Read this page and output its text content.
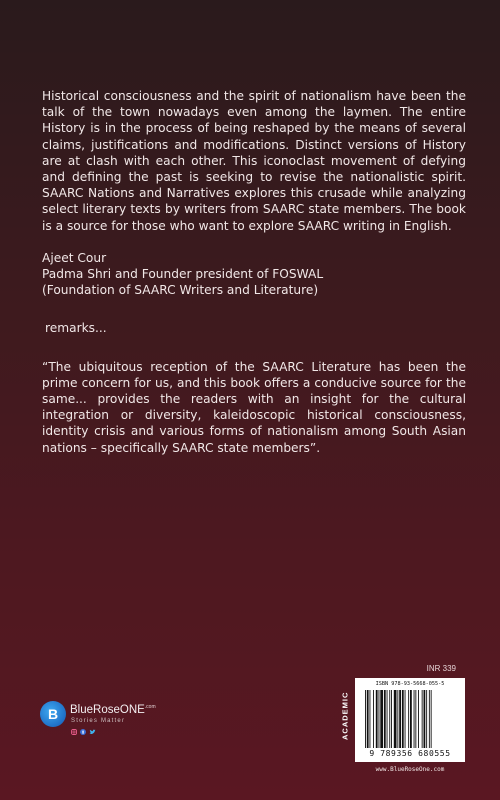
Historical consciousness and the spirit of nationalism have been the talk of the town nowadays even among the laymen. The entire History is in the process of being reshaped by the means of several claims, justifications and modifications. Distinct versions of History are at clash with each other. This iconoclast movement of defying and defining the past is seeking to revise the nationalistic spirit. SAARC Nations and Narratives explores this crusade while analyzing select literary texts by writers from SAARC state members. The book is a source for those who want to explore SAARC writing in English.

Ajeet Cour
Padma Shri and Founder president of FOSWAL
(Foundation of SAARC Writers and Literature)
remarks...

“The ubiquitous reception of the SAARC Literature has been the prime concern for us, and this book offers a conducive source for the same... provides the readers with an insight for the cultural integration or diversity, kaleidoscopic historical consciousness, identity crisis and various forms of nationalism among South Asian nations – specifically SAARC state members”.

INR 339
B	BlueRoseONE$^{.com}$
Stories Matter
	ACADEMIC
ISBN 978-93-5668-055-5
9 789356 680555
www.BlueRoseOne.com
